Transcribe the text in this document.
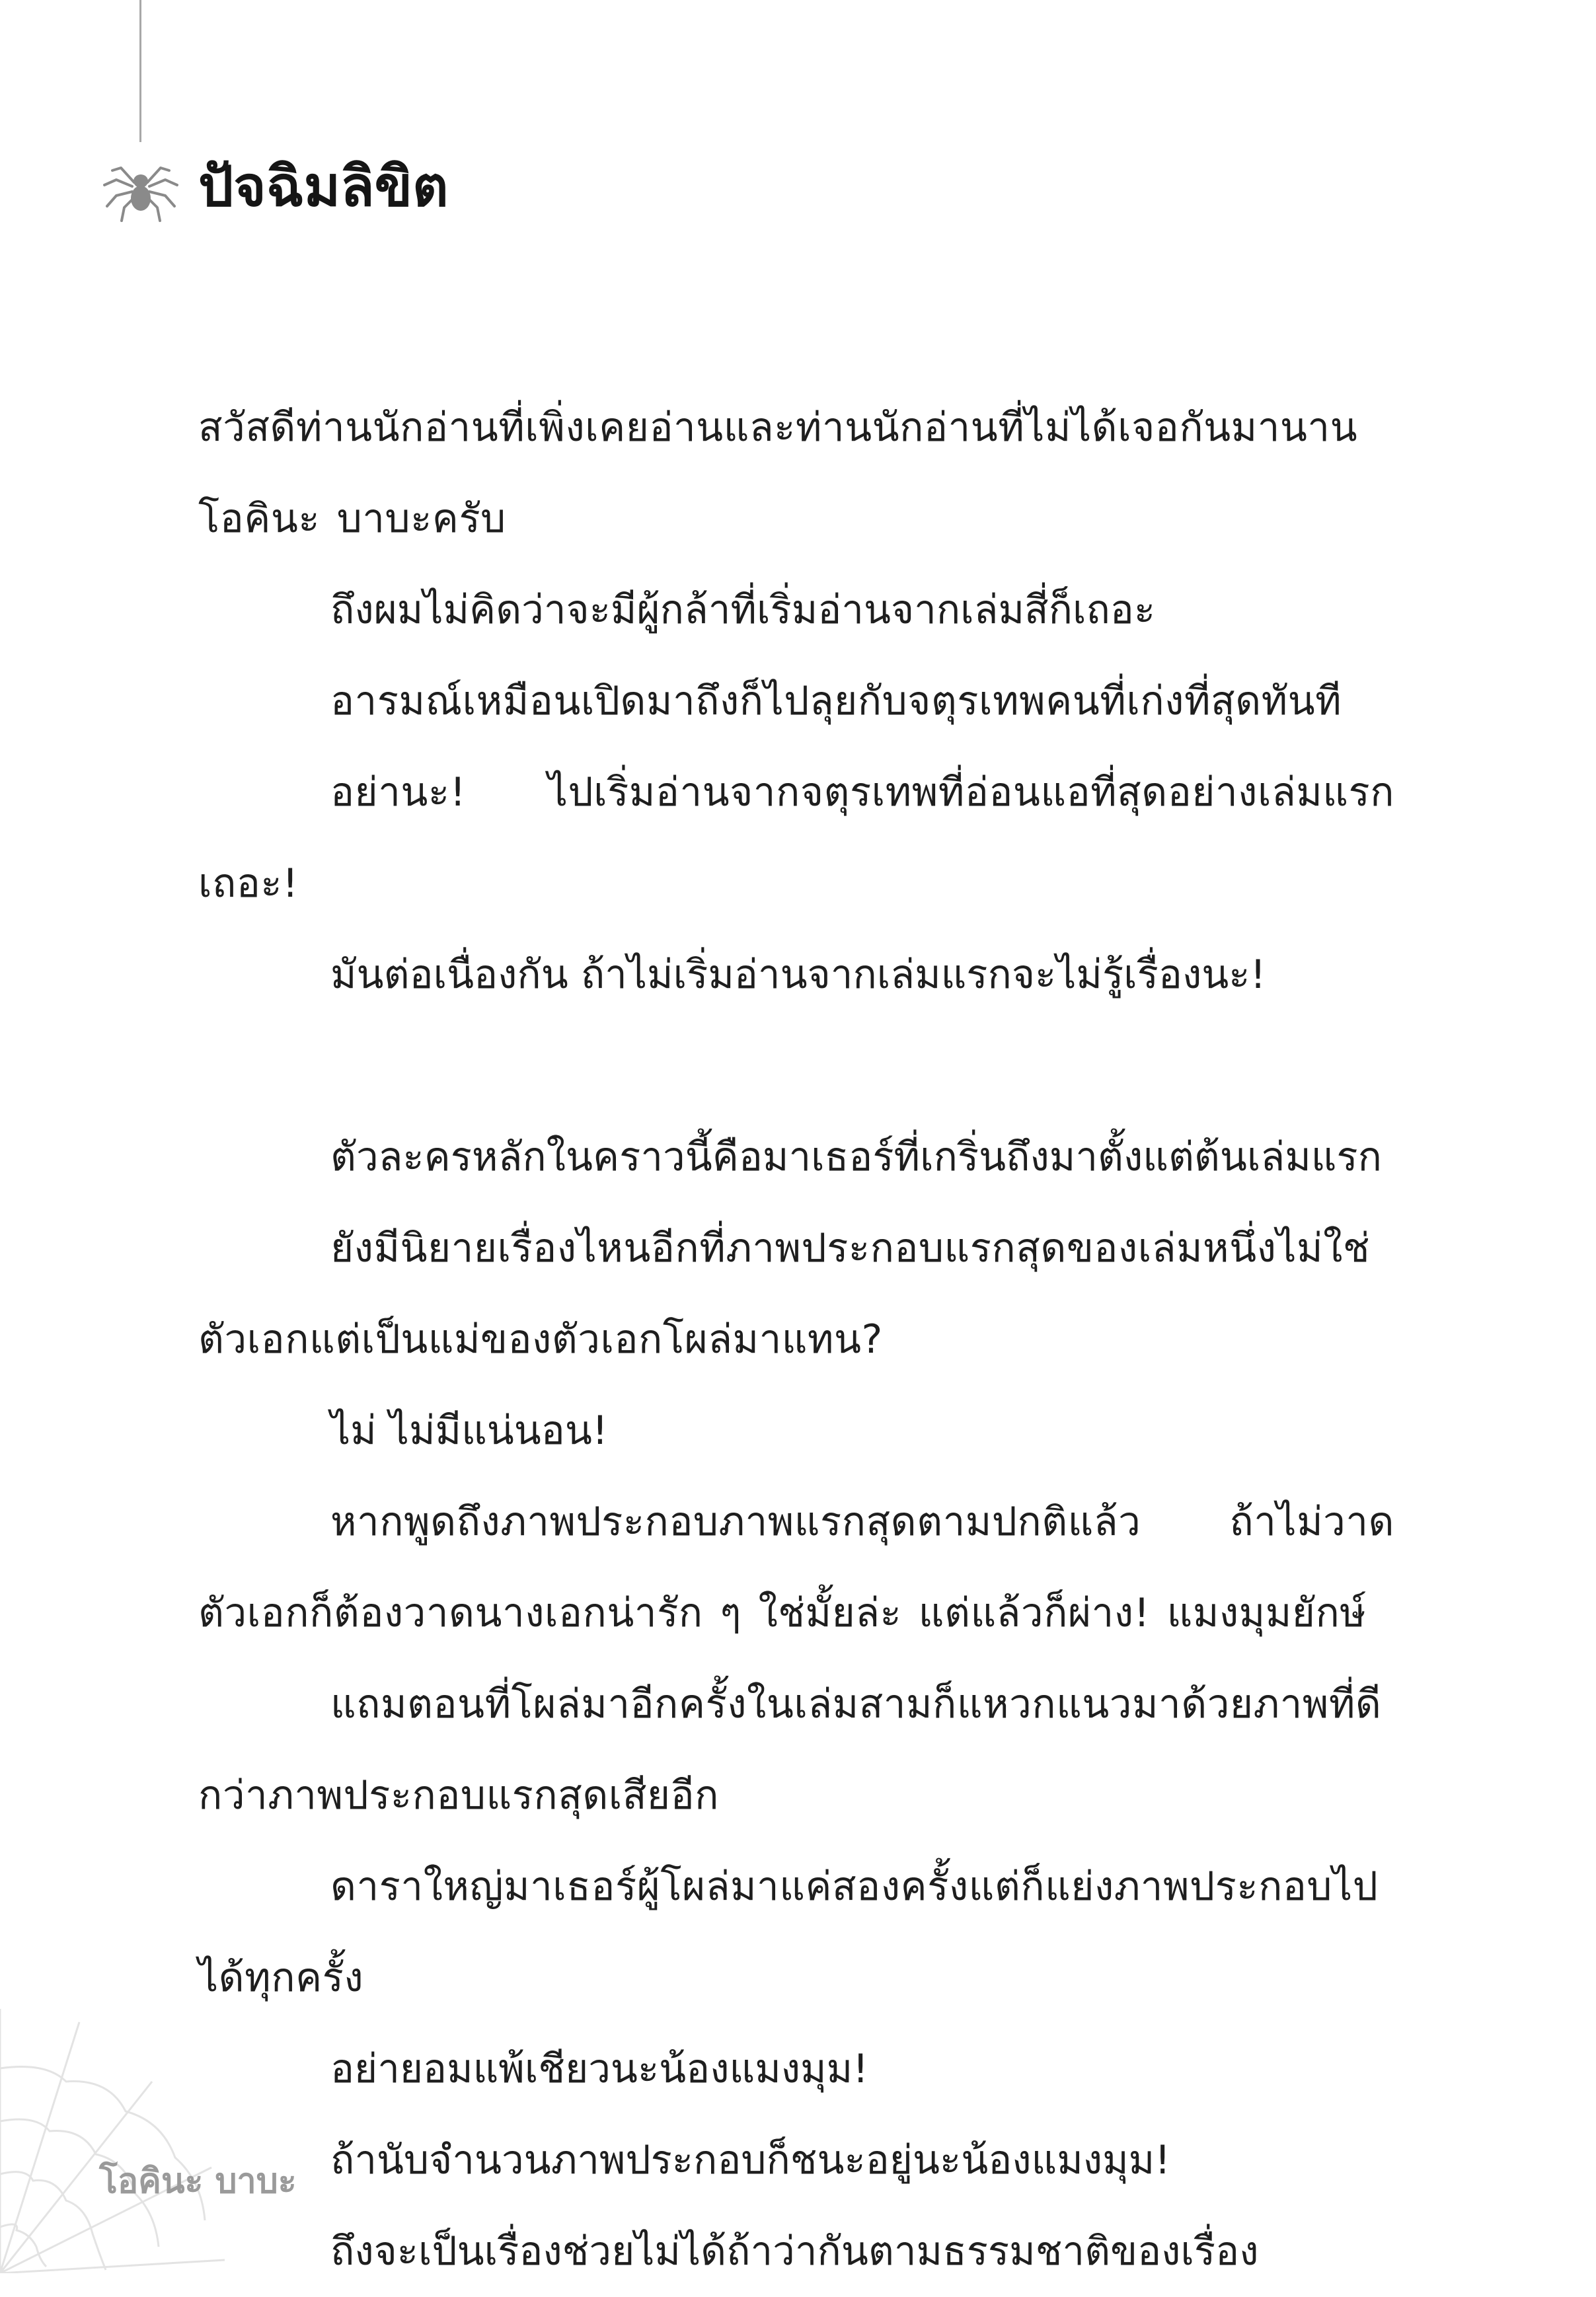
ปัจฉิมลิขิต

สวัสดีท่านนักอ่านที่เพิ่งเคยอ่านและท่านนักอ่านที่ไม่ได้เจอกันมานาน โอคินะ บาบะครับ

ถึงผมไม่คิดว่าจะมีผู้กล้าที่เริ่มอ่านจากเล่มสี่ก็เถอะ

อารมณ์เหมือนเปิดมาถึงก็ไปลุยกับจตุรเทพคนที่เก่งที่สุดทันที

อย่านะ! ไปเริ่มอ่านจากจตุรเทพที่อ่อนแอที่สุดอย่างเล่มแรกเถอะ!

มันต่อเนื่องกัน ถ้าไม่เริ่มอ่านจากเล่มแรกจะไม่รู้เรื่องนะ!

ตัวละครหลักในคราวนี้คือมาเธอร์ที่เกริ่นถึงมาตั้งแต่ต้นเล่มแรก

ยังมีนิยายเรื่องไหนอีกที่ภาพประกอบแรกสุดของเล่มหนึ่งไม่ใช่ตัวเอกแต่เป็นแม่ของตัวเอกโผล่มาแทน?

ไม่ ไม่มีแน่นอน!

หากพูดถึงภาพประกอบภาพแรกสุดตามปกติแล้ว ถ้าไม่วาดตัวเอกก็ต้องวาดนางเอกน่ารัก ๆ ใช่มั้ยล่ะ แต่แล้วก็ผ่าง! แมงมุมยักษ์

แถมตอนที่โผล่มาอีกครั้งในเล่มสามก็แหวกแนวมาด้วยภาพที่ดีกว่าภาพประกอบแรกสุดเสียอีก

ดาราใหญ่มาเธอร์ผู้โผล่มาแค่สองครั้งแต่ก็แย่งภาพประกอบไปได้ทุกครั้ง

อย่ายอมแพ้เชียวนะน้องแมงมุม!

ถ้านับจำนวนภาพประกอบก็ชนะอยู่นะน้องแมงมุม!

ถึงจะเป็นเรื่องช่วยไม่ได้ถ้าว่ากันตามธรรมชาติของเรื่อง

โอคินะ บาบะ
